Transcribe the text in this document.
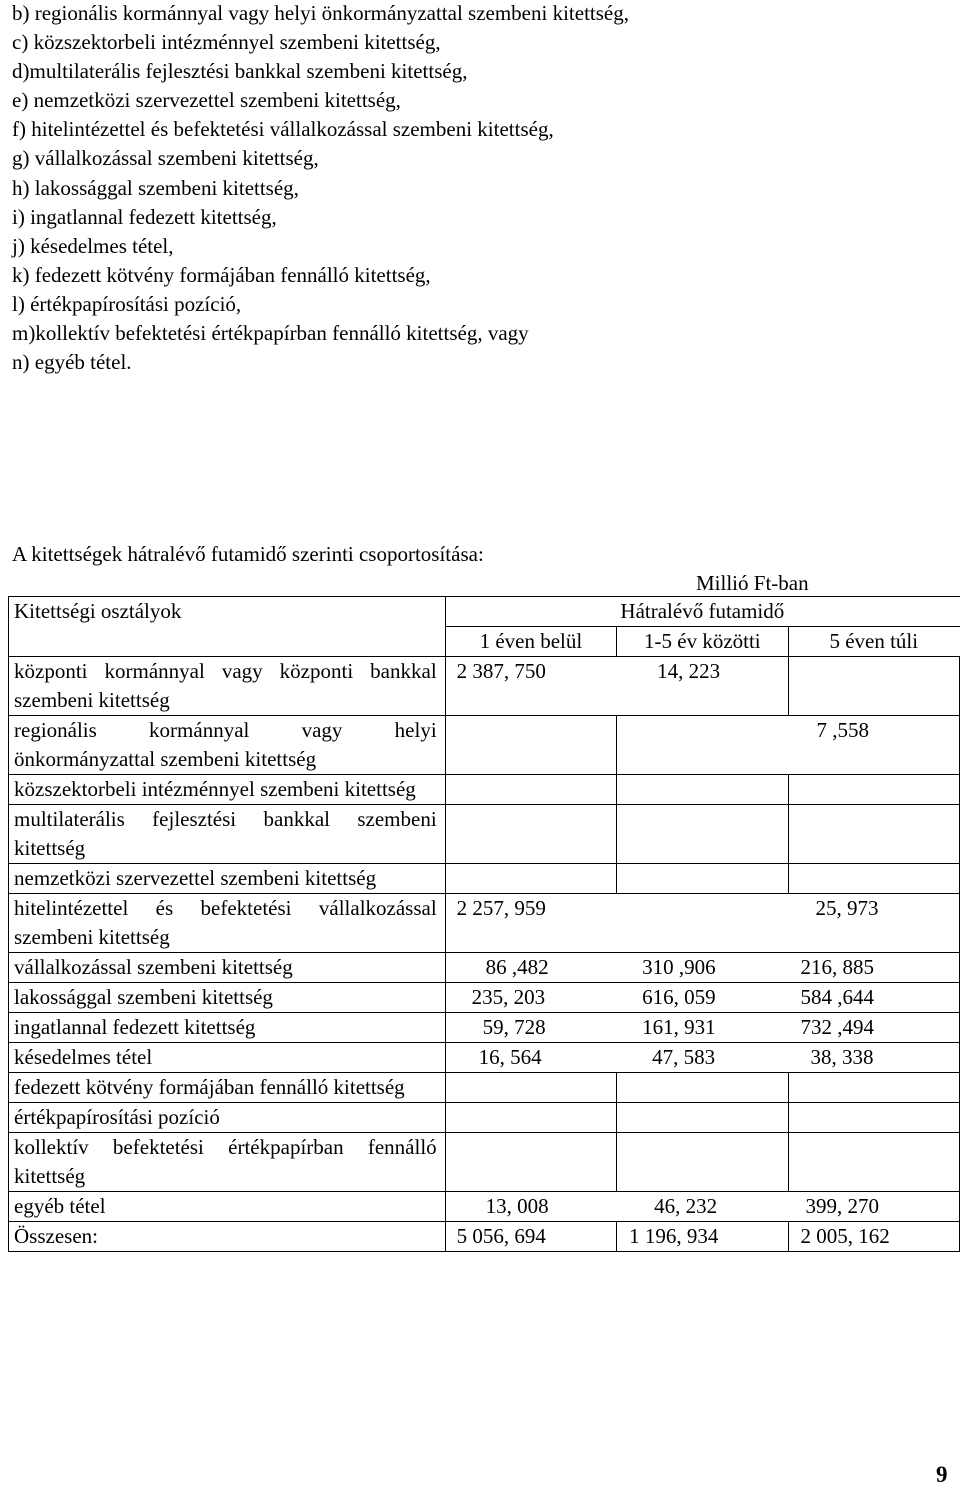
b) regionális kormánnyal vagy helyi önkormányzattal szembeni kitettség,
c) közszektorbeli intézménnyel szembeni kitettség,
d)multilaterális fejlesztési bankkal szembeni kitettség,
e) nemzetközi szervezettel szembeni kitettség,
f) hitelintézettel és befektetési vállalkozással szembeni kitettség,
g) vállalkozással szembeni kitettség,
h) lakossággal szembeni kitettség,
i) ingatlannal fedezett kitettség,
j) késedelmes tétel,
k) fedezett kötvény formájában fennálló kitettség,
l) értékpapírosítási pozíció,
m)kollektív befektetési értékpapírban fennálló kitettség, vagy
n) egyéb tétel.
A kitettségek hátralévő futamidő szerinti csoportosítása:
Millió Ft-ban
Kitettségi osztályok	Hátralévő futamidő		
	1 éven belül	1-5 év közötti	5 éven túli
központi kormánnyal vagy központi bankkal szembeni kitettség	2 387, 750	14, 223	
regionális kormánnyal vagy helyi önkormányzattal szembeni kitettség			7 ,558
közszektorbeli intézménnyel szembeni kitettség			
multilaterális fejlesztési bankkal szembeni kitettség			
nemzetközi szervezettel szembeni kitettség			
hitelintézettel és befektetési vállalkozással szembeni kitettség	2 257, 959		25, 973
vállalkozással szembeni kitettség	86 ,482	310 ,906	216, 885
lakossággal szembeni kitettség	235, 203	616, 059	584 ,644
ingatlannal fedezett kitettség	59, 728	161, 931	732 ,494
késedelmes tétel	16, 564	47, 583	38, 338
fedezett kötvény formájában fennálló kitettség			
értékpapírosítási pozíció			
kollektív befektetési értékpapírban fennálló kitettség			
egyéb tétel	13, 008	46, 232	399, 270
Összesen:	5 056, 694	1 196, 934	2 005, 162
9
